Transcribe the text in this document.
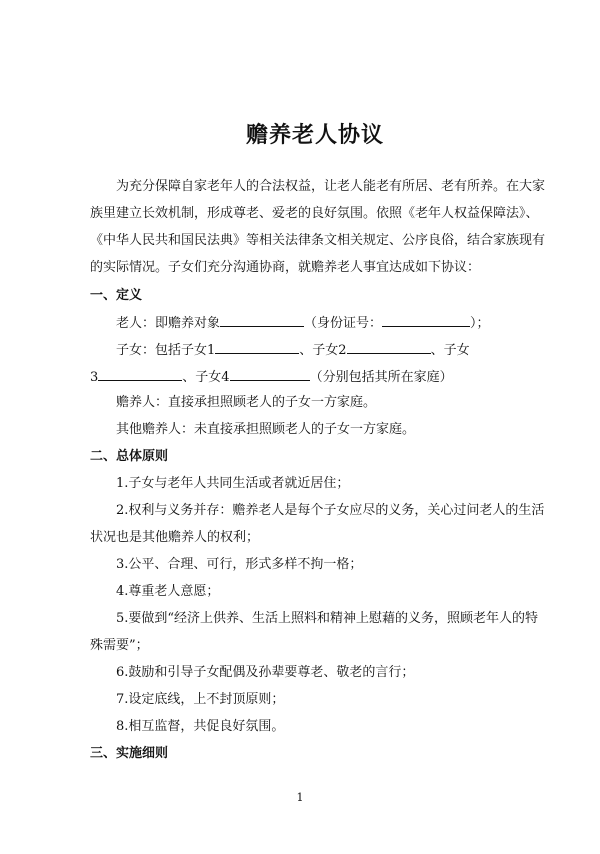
赡养老人协议
为充分保障自家老年人的合法权益，让老人能老有所居、老有所养。在大家
族里建立长效机制，形成尊老、爱老的良好氛围。依照《老年人权益保障法》、
《中华人民共和国民法典》等相关法律条文相关规定、公序良俗，结合家族现有
的实际情况。子女们充分沟通协商，就赡养老人事宜达成如下协议：
一、定义
老人：即赡养对象	（身份证号：	）；
子女：包括子女1	、子女2	、子女
3	、子女4	（分别包括其所在家庭）
赡养人：直接承担照顾老人的子女一方家庭。
其他赡养人：未直接承担照顾老人的子女一方家庭。
二、总体原则
1.子女与老年人共同生活或者就近居住；
2.权利与义务并存：赡养老人是每个子女应尽的义务，关心过问老人的生活
状况也是其他赡养人的权利；
3.公平、合理、可行，形式多样不拘一格；
4.尊重老人意愿；
5.要做到“经济上供养、生活上照料和精神上慰藉的义务，照顾老年人的特
殊需要”；
6.鼓励和引导子女配偶及孙辈要尊老、敬老的言行；
7.设定底线，上不封顶原则；
8.相互监督，共促良好氛围。
三、实施细则
1
